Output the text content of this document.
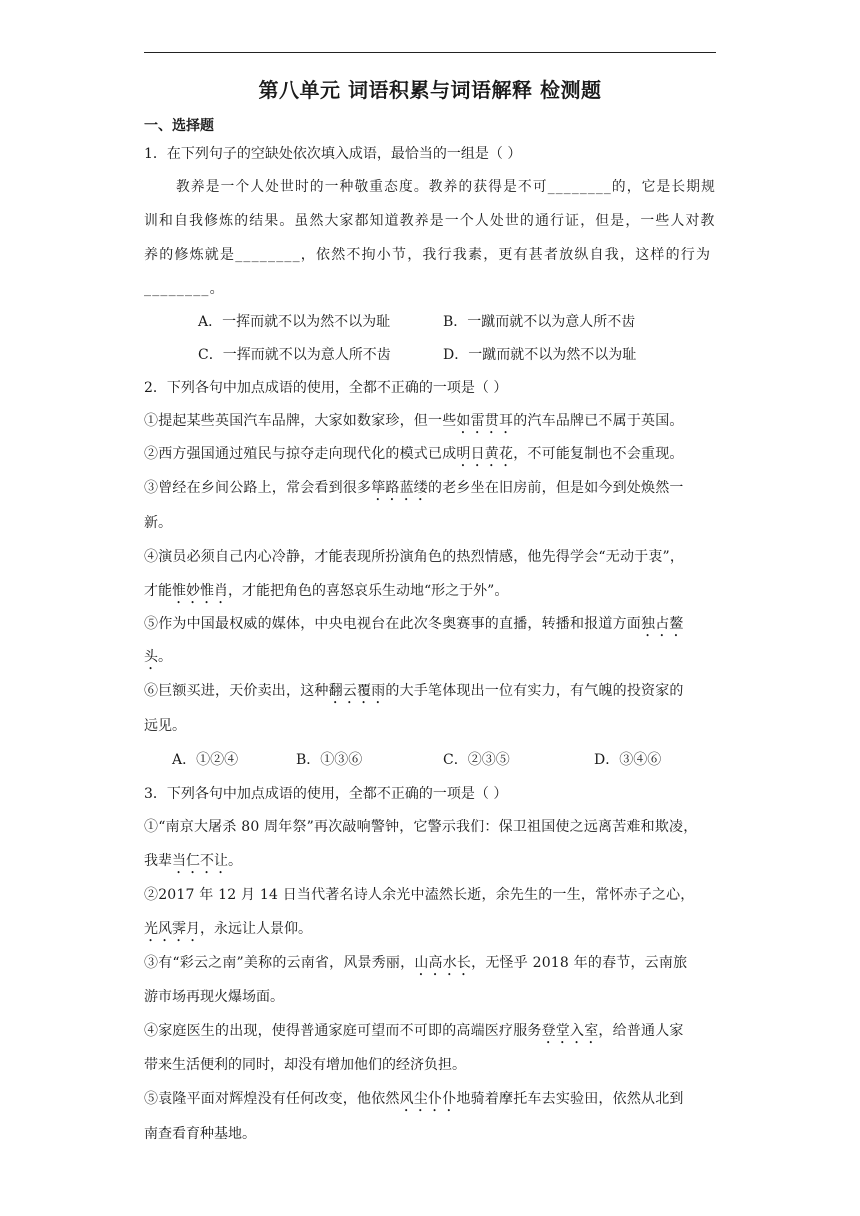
第八单元 词语积累与词语解释 检测题
一、选择题
1．在下列句子的空缺处依次填入成语，最恰当的一组是（ ）
教养是一个人处世时的一种敬重态度。教养的获得是不可________的，它是长期规
训和自我修炼的结果。虽然大家都知道教养是一个人处世的通行证，但是，一些人对教
养的修炼就是________，依然不拘小节，我行我素，更有甚者放纵自我，这样的行为
________。
A．一挥而就不以为然不以为耻	B．一蹴而就不以为意人所不齿
C．一挥而就不以为意人所不齿	D．一蹴而就不以为然不以为耻
2．下列各句中加点成语的使用，全都不正确的一项是（ ）
①提起某些英国汽车品牌，大家如数家珍，但一些如雷贯耳的汽车品牌已不属于英国。
②西方强国通过殖民与掠夺走向现代化的模式已成明日黄花，不可能复制也不会重现。
③曾经在乡间公路上，常会看到很多筚路蓝缕的老乡坐在旧房前，但是如今到处焕然一
新。
④演员必须自己内心冷静，才能表现所扮演角色的热烈情感，他先得学会“无动于衷”，
才能惟妙惟肖，才能把角色的喜怒哀乐生动地“形之于外”。
⑤作为中国最权威的媒体，中央电视台在此次冬奥赛事的直播，转播和报道方面独占鳌
头。
⑥巨额买进，天价卖出，这种翻云覆雨的大手笔体现出一位有实力，有气魄的投资家的
远见。
A．①②④	B．①③⑥	C．②③⑤	D．③④⑥
3．下列各句中加点成语的使用，全都不正确的一项是（ ）
①“南京大屠杀 80 周年祭”再次敲响警钟，它警示我们：保卫祖国使之远离苦难和欺凌，
我辈当仁不让。
②2017 年 12 月 14 日当代著名诗人余光中溘然长逝，余先生的一生，常怀赤子之心，
光风霁月，永远让人景仰。
③有“彩云之南”美称的云南省，风景秀丽，山高水长，无怪乎 2018 年的春节，云南旅
游市场再现火爆场面。
④家庭医生的出现，使得普通家庭可望而不可即的高端医疗服务登堂入室，给普通人家
带来生活便利的同时，却没有增加他们的经济负担。
⑤袁隆平面对辉煌没有任何改变，他依然风尘仆仆地骑着摩托车去实验田，依然从北到
南查看育种基地。
